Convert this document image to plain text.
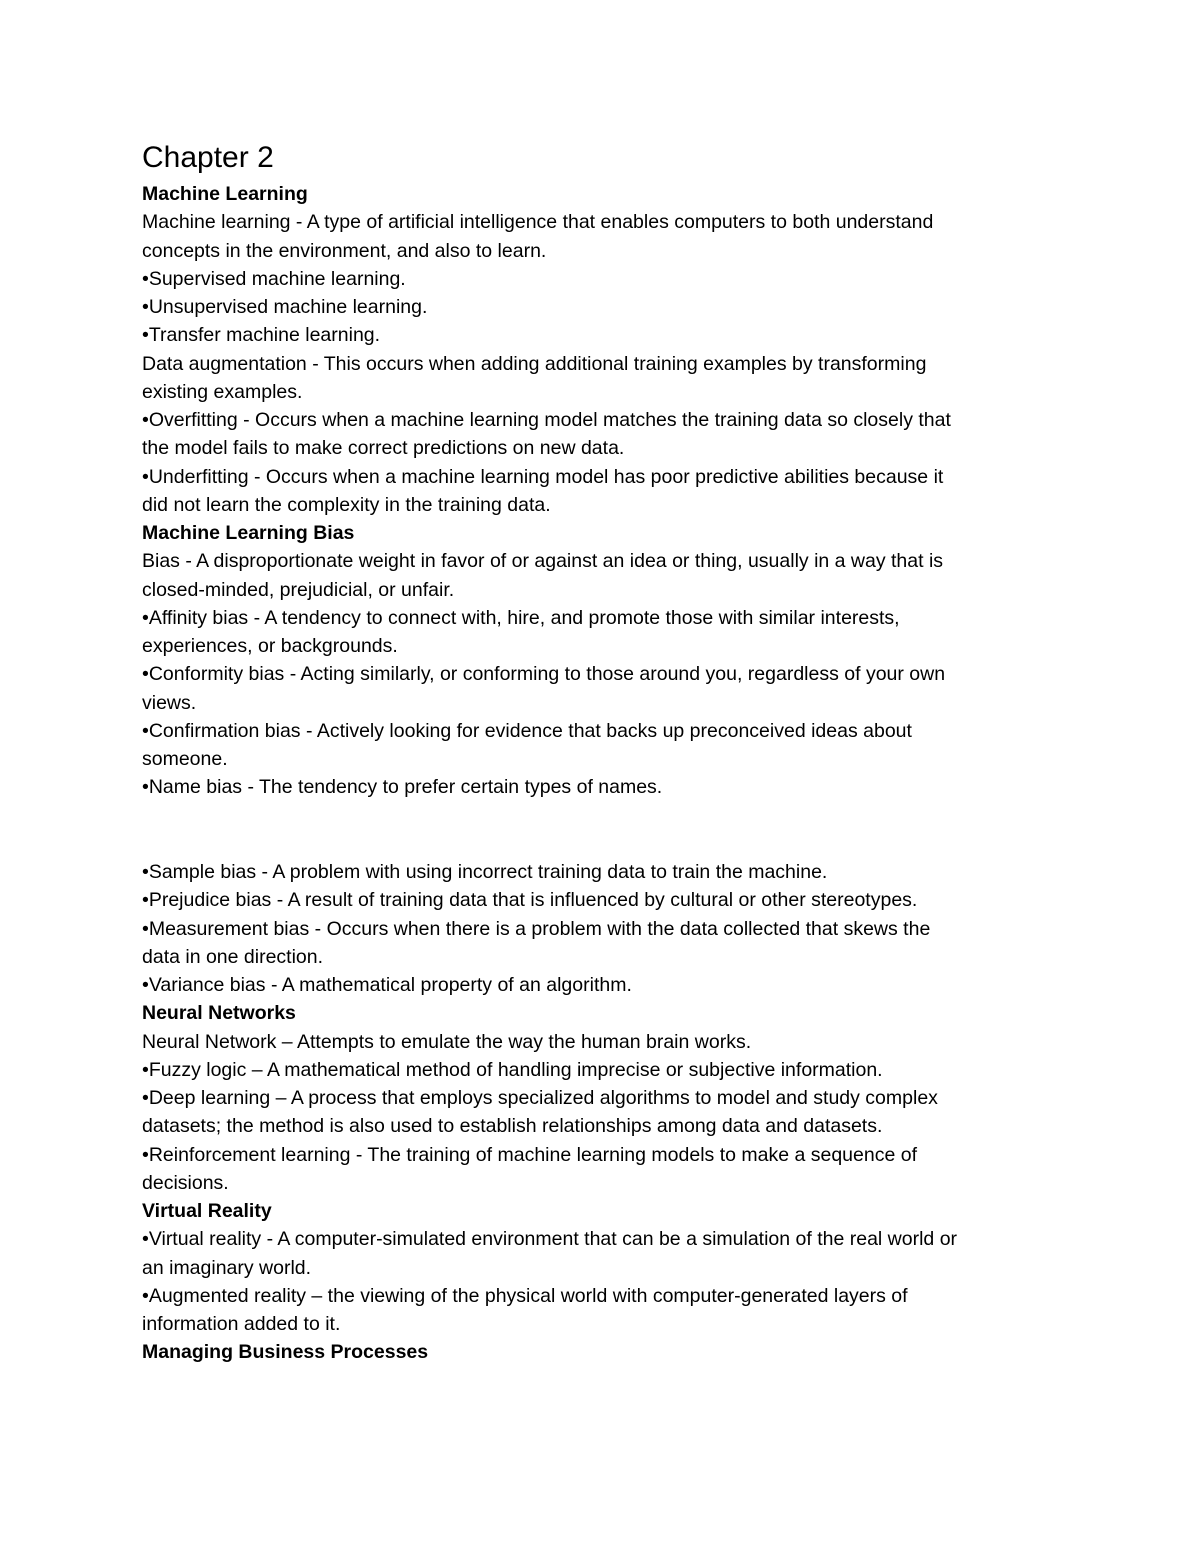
Chapter 2

Machine Learning

Machine learning - A type of artificial intelligence that enables computers to both understand

concepts in the environment, and also to learn.

•Supervised machine learning.

•Unsupervised machine learning.

•Transfer machine learning.

Data augmentation - This occurs when adding additional training examples by transforming

existing examples.

•Overfitting - Occurs when a machine learning model matches the training data so closely that

the model fails to make correct predictions on new data.

•Underfitting - Occurs when a machine learning model has poor predictive abilities because it

did not learn the complexity in the training data.

Machine Learning Bias

Bias - A disproportionate weight in favor of or against an idea or thing, usually in a way that is

closed-minded, prejudicial, or unfair.

•Affinity bias - A tendency to connect with, hire, and promote those with similar interests,

experiences, or backgrounds.

•Conformity bias - Acting similarly, or conforming to those around you, regardless of your own

views.

•Confirmation bias - Actively looking for evidence that backs up preconceived ideas about

someone.

•Name bias - The tendency to prefer certain types of names.

•Sample bias - A problem with using incorrect training data to train the machine.

•Prejudice bias - A result of training data that is influenced by cultural or other stereotypes.

•Measurement bias - Occurs when there is a problem with the data collected that skews the

data in one direction.

•Variance bias - A mathematical property of an algorithm.

Neural Networks

Neural Network – Attempts to emulate the way the human brain works.

•Fuzzy logic – A mathematical method of handling imprecise or subjective information.

•Deep learning – A process that employs specialized algorithms to model and study complex

datasets; the method is also used to establish relationships among data and datasets.

•Reinforcement learning - The training of machine learning models to make a sequence of

decisions.

Virtual Reality

•Virtual reality - A computer-simulated environment that can be a simulation of the real world or

an imaginary world.

•Augmented reality – the viewing of the physical world with computer-generated layers of

information added to it.

Managing Business Processes
